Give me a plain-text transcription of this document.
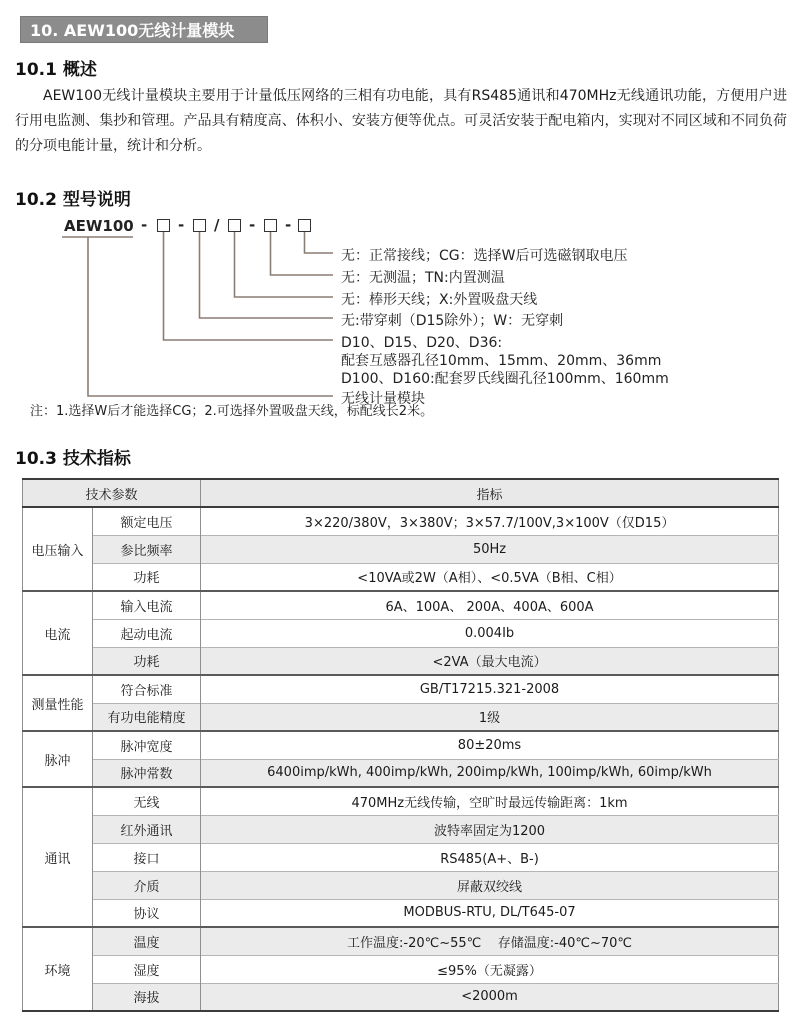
10. AEW100无线计量模块
10.1 概述
AEW100无线计量模块主要用于计量低压网络的三相有功电能，具有RS485通讯和470MHz无线通讯功能，方便用户进行用电监测、集抄和管理。产品具有精度高、体积小、安装方便等优点。可灵活安装于配电箱内，实现对不同区域和不同负荷的分项电能计量，统计和分析。
10.2 型号说明
AEW100 - - / - -
无：正常接线；CG：选择W后可选磁钢取电压
无：无测温；TN:内置测温
无：棒形天线；X:外置吸盘天线
无:带穿刺（D15除外）；W：无穿刺
D10、D15、D20、D36:
配套互感器孔径10mm、15mm、20mm、36mm
D100、D160:配套罗氏线圈孔径100mm、160mm
无线计量模块
注：1.选择W后才能选择CG；2.可选择外置吸盘天线，标配线长2米。
10.3 技术指标
技术参数		指标
电压输入	额定电压	3×220/380V，3×380V；3×57.7/100V,3×100V（仅D15）
	参比频率	50Hz
	功耗	<10VA或2W（A相）、<0.5VA（B相、C相）
电流	输入电流	6A、100A、 200A、400A、600A
	起动电流	0.004Ib
	功耗	<2VA（最大电流）
测量性能	符合标准	GB/T17215.321-2008
	有功电能精度	1级
脉冲	脉冲宽度	80±20ms
	脉冲常数	6400imp/kWh, 400imp/kWh, 200imp/kWh, 100imp/kWh, 60imp/kWh
通讯	无线	470MHz无线传输，空旷时最远传输距离：1km
	红外通讯	波特率固定为1200
	接口	RS485(A+、B-)
	介质	屏蔽双绞线
	协议	MODBUS-RTU, DL/T645-07
环境	温度	工作温度:-20℃~55℃    存储温度:-40℃~70℃
	湿度	≤95%（无凝露）
	海拔	<2000m
